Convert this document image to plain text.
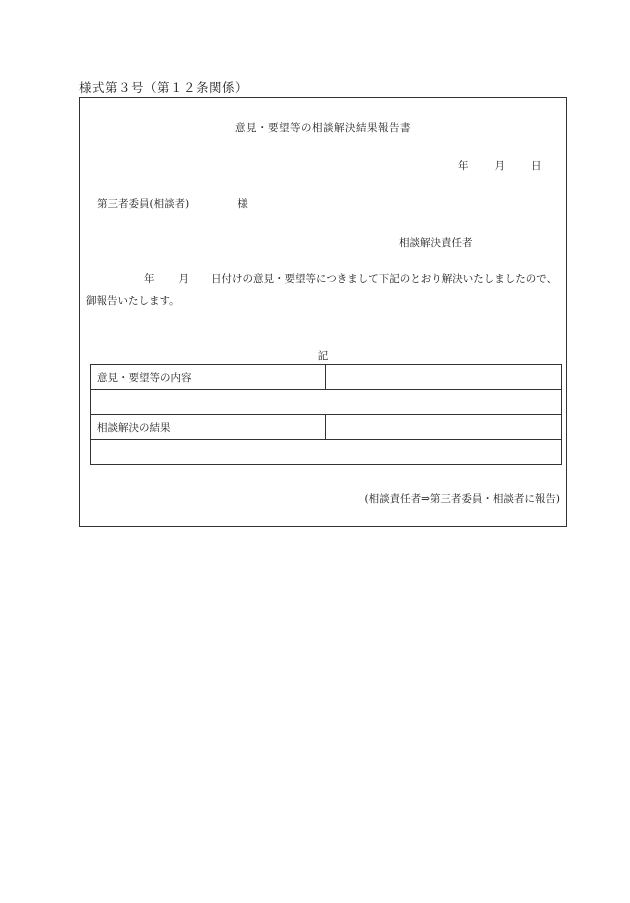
様式第３号（第１２条関係）
意見・要望等の相談解決結果報告書
年 月 日
第三者委員(相談者)	様
相談解決責任者
年 月 日付けの意見・要望等につきまして下記のとおり解決いたしましたので、御報告いたします。
記
意見・要望等の内容	

相談解決の結果	

(相談責任者⇒第三者委員・相談者に報告)
